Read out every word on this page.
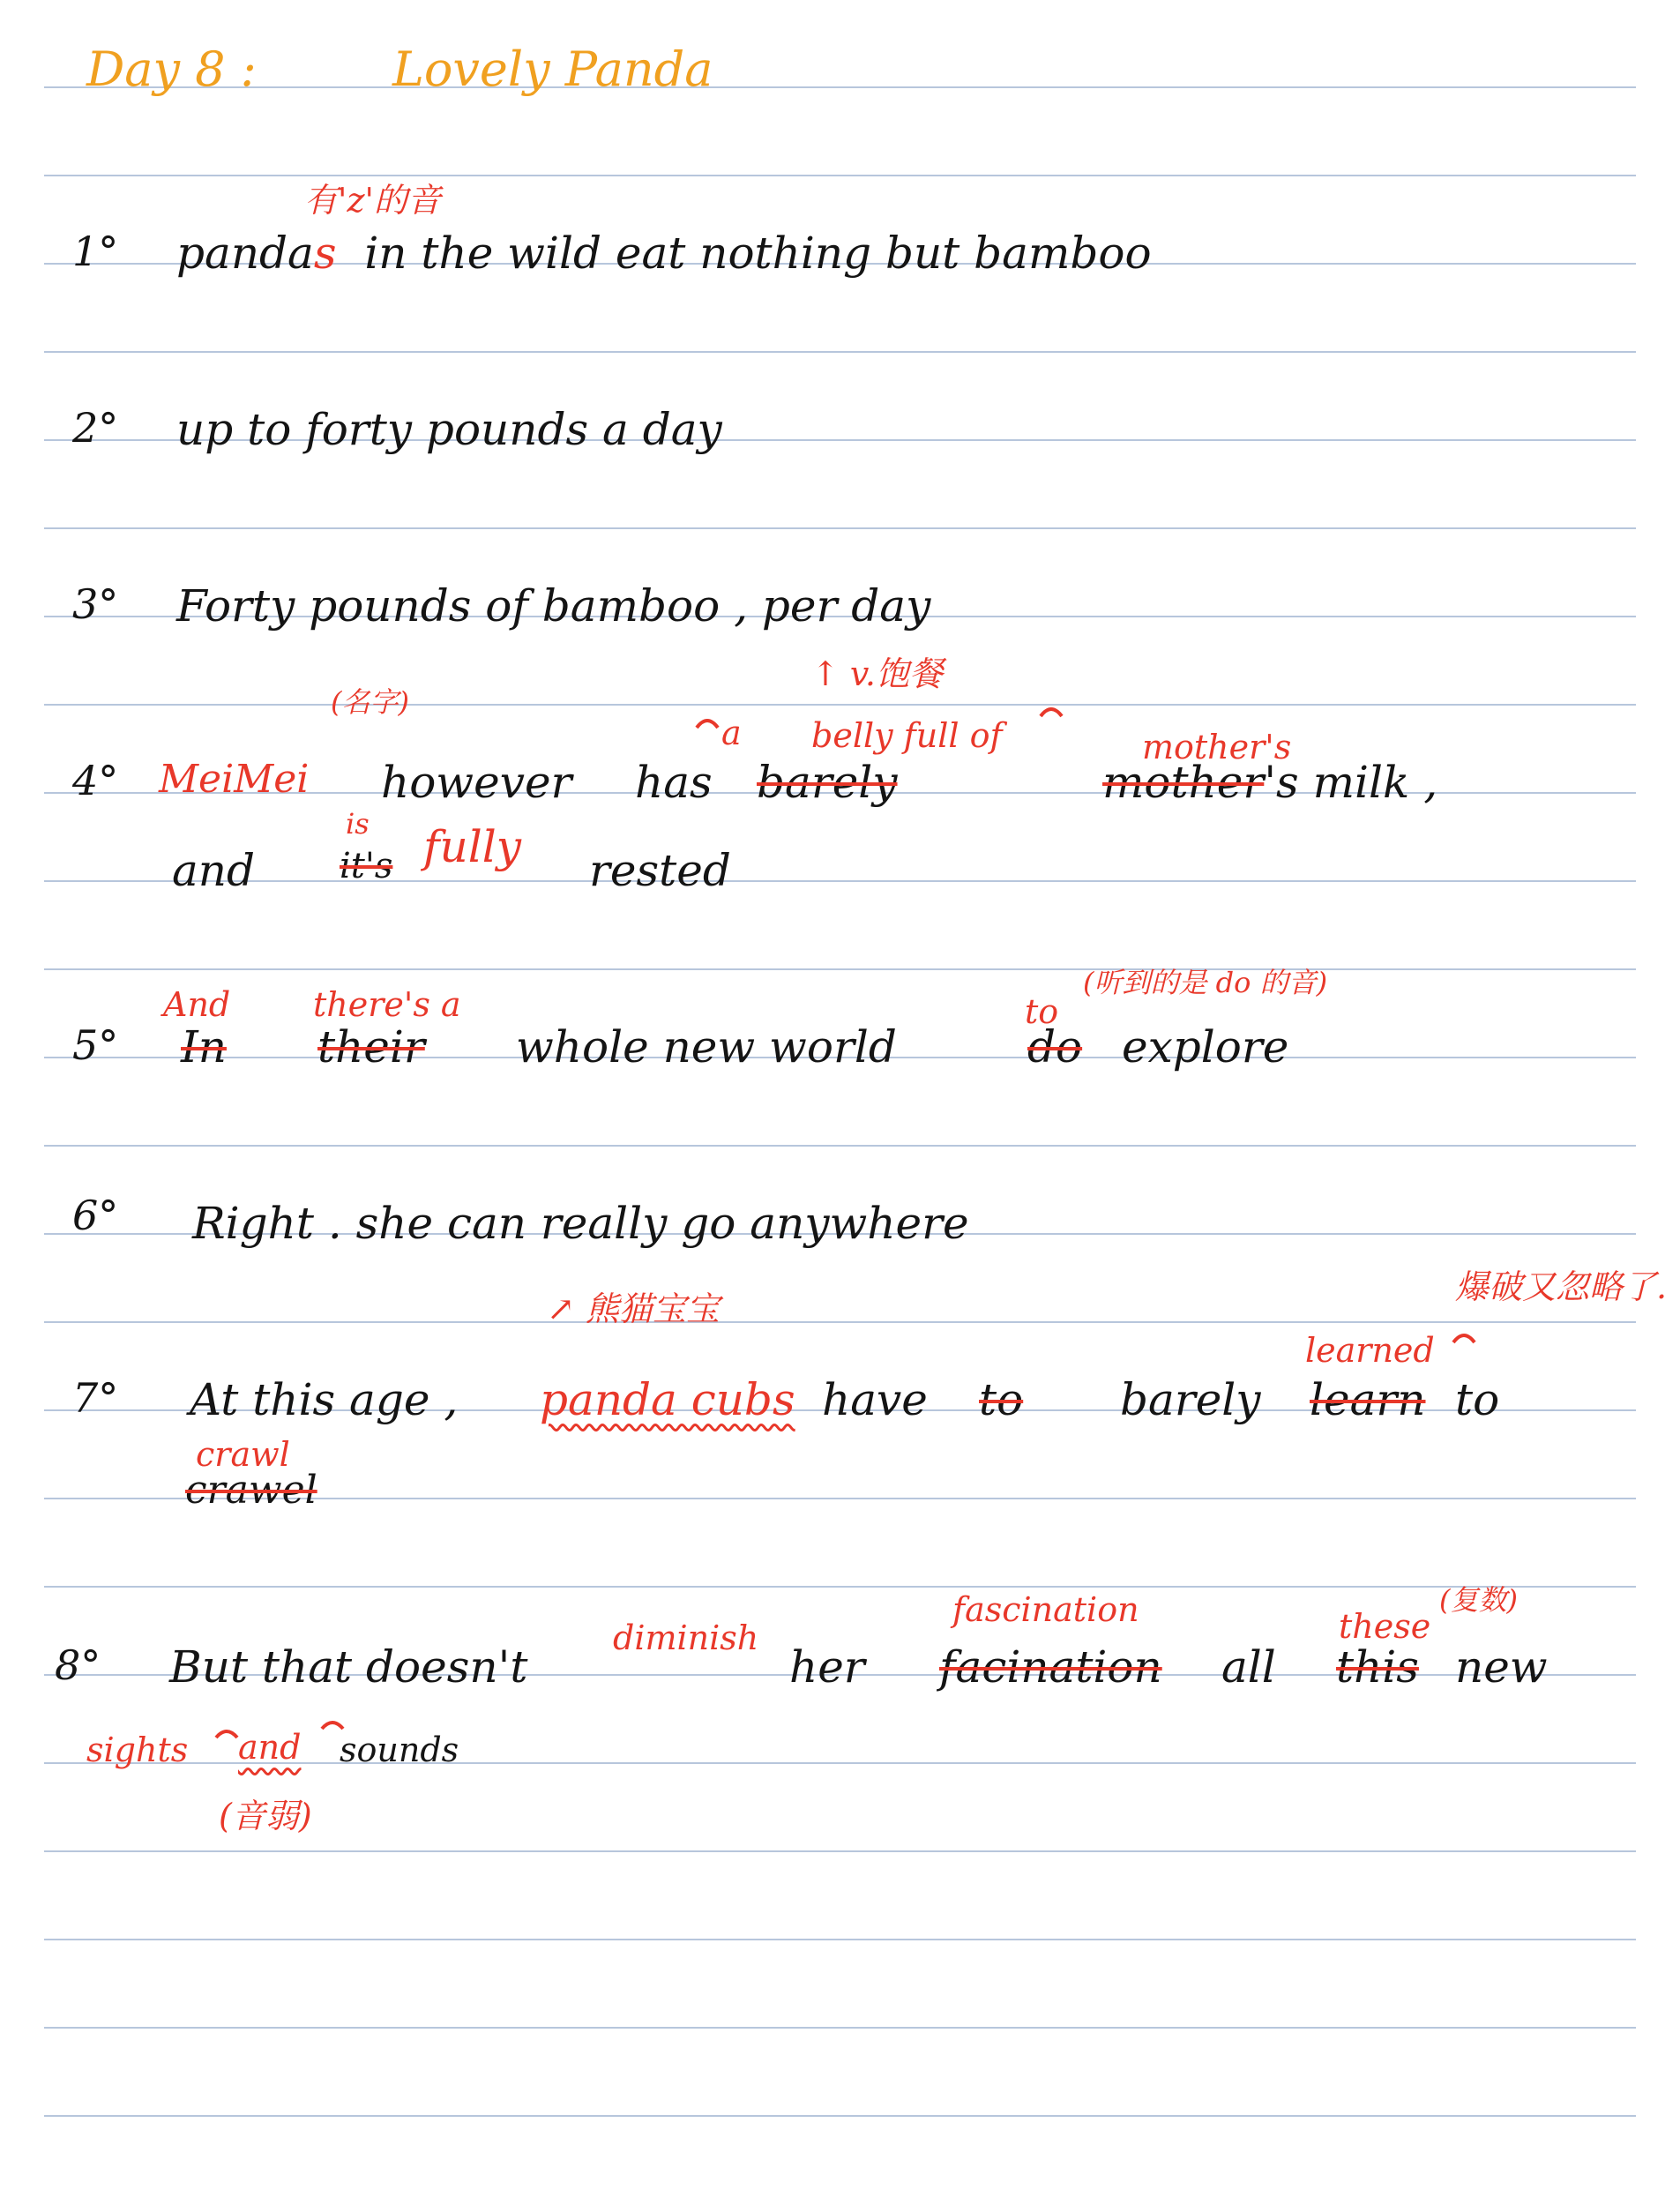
Day 8 :	Lovely Panda
有'z'的音
1° pandas in the wild eat nothing but bamboo
2° up to forty pounds a day
3° Forty pounds of bamboo , per day
(名字)
↑ v.饱餐
a belly full of	mother's
4° MeiMei however has barely	mother's milk ,
is
and it's fully rested
And there's a	to
(听到的是 do 的音)
5° In their whole new world	do explore
6° Right . she can really go anywhere
↗ 熊猫宝宝
爆破又忽略了.
learned
7° At this age , panda cubs have to barely learn to
crawl
crawel
fascination	these
(复数)
diminish
8° But that doesn't	her facination all this new
sights and sounds
(音弱)
